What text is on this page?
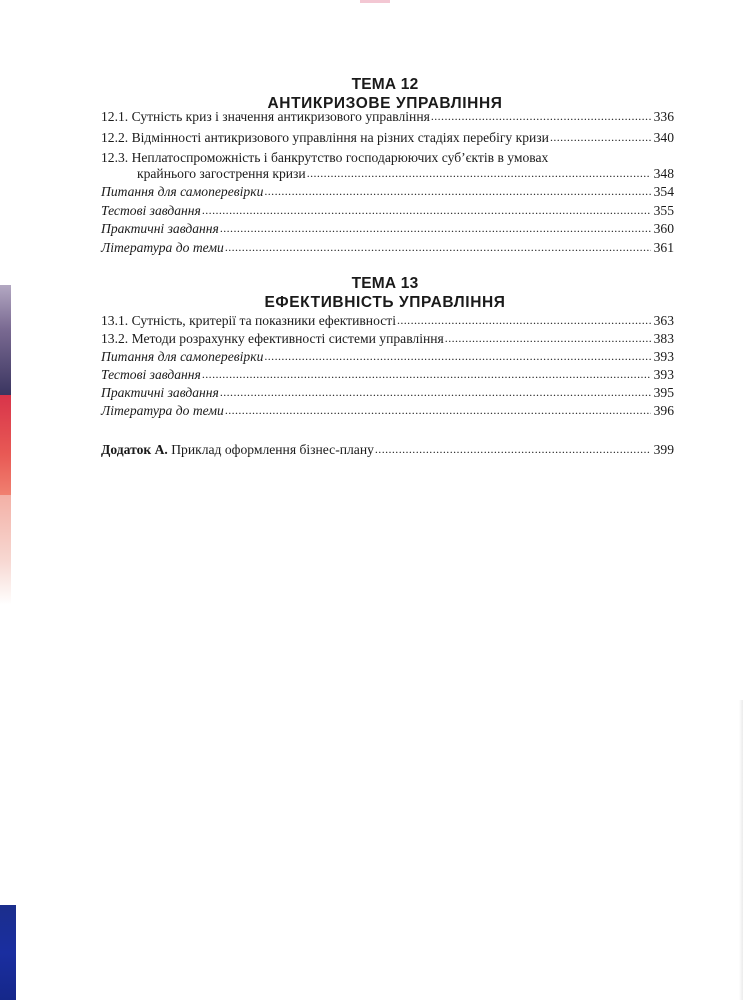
ТЕМА 12
АНТИКРИЗОВЕ УПРАВЛІННЯ
12.1. Сутність криз і значення антикризового управління .....	336
12.2. Відмінності антикризового управління на різних стадіях перебігу кризи .....	340
12.3. Неплатоспроможність і банкрутство господарюючих суб’єктів в умовах
крайнього загострення кризи .....	348
Питання для самоперевірки .....	354
Тестові завдання .....	355
Практичні завдання .....	360
Література до теми .....	361
ТЕМА 13
ЕФЕКТИВНІСТЬ УПРАВЛІННЯ
13.1. Сутність, критерії та показники ефективності .....	363
13.2. Методи розрахунку ефективності системи управління .....	383
Питання для самоперевірки .....	393
Тестові завдання .....	393
Практичні завдання .....	395
Література до теми .....	396
Додаток А. Приклад оформлення бізнес-плану .....	399
